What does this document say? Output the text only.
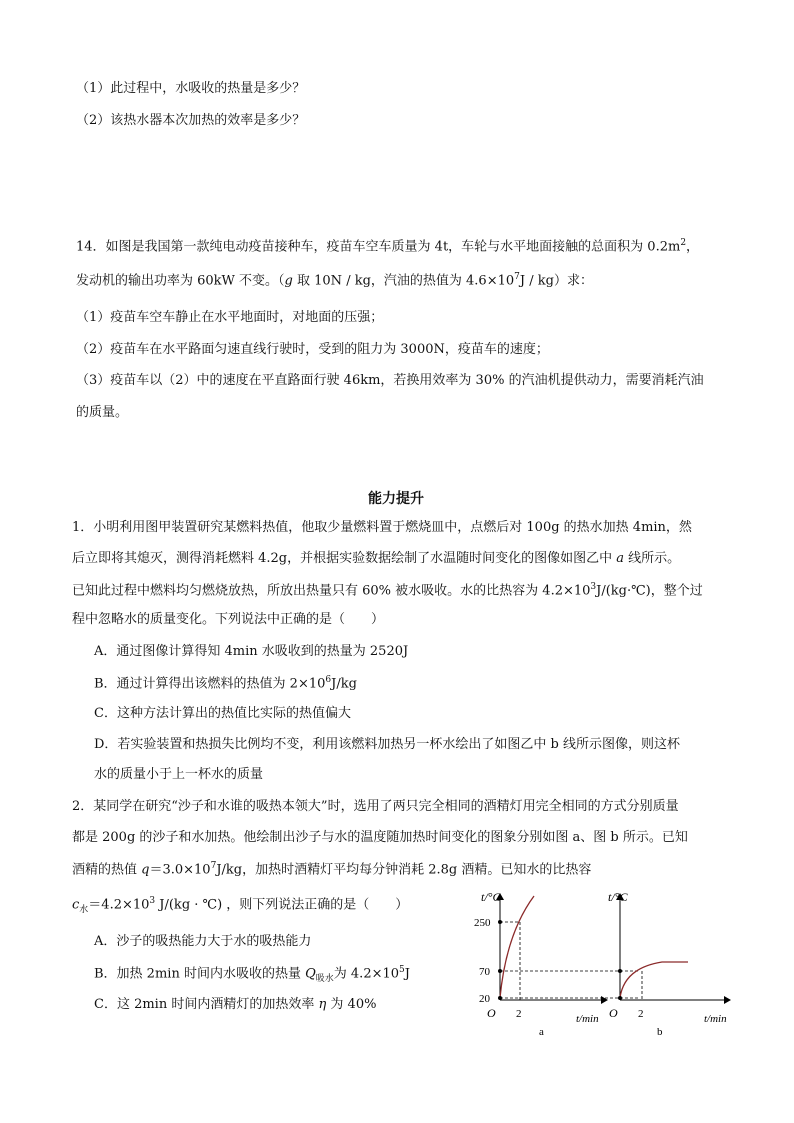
（1）此过程中，水吸收的热量是多少？
（2）该热水器本次加热的效率是多少？
14．如图是我国第一款纯电动疫苗接种车，疫苗车空车质量为 4t，车轮与水平地面接触的总面积为 $0.2m^2$，
发动机的输出功率为 60kW 不变。（g 取 10N / kg，汽油的热值为 $4.6\times 10^7J / kg$）求：
（1）疫苗车空车静止在水平地面时，对地面的压强；
（2）疫苗车在水平路面匀速直线行驶时，受到的阻力为 3000N，疫苗车的速度；
（3）疫苗车以（2）中的速度在平直路面行驶 46km，若换用效率为 30% 的汽油机提供动力，需要消耗汽油
的质量。
能力提升
1．小明利用图甲装置研究某燃料热值，他取少量燃料置于燃烧皿中，点燃后对 100g 的热水加热 4min，然
后立即将其熄灭，测得消耗燃料 4.2g，并根据实验数据绘制了水温随时间变化的图像如图乙中 a 线所示。
已知此过程中燃料均匀燃烧放热，所放出热量只有 60% 被水吸收。水的比热容为 $4.2\times 10^3J/(kg\cdot℃)$，整个过
程中忽略水的质量变化。下列说法中正确的是（　　）
A．通过图像计算得知 4min 水吸收到的热量为 2520J
B．通过计算得出该燃料的热值为 $2\times 10^6J/kg$
C．这种方法计算出的热值比实际的热值偏大
D．若实验装置和热损失比例均不变，利用该燃料加热另一杯水绘出了如图乙中 b 线所示图像，则这杯
水的质量小于上一杯水的质量
2．某同学在研究“沙子和水谁的吸热本领大”时，选用了两只完全相同的酒精灯用完全相同的方式分别质量
都是 200g 的沙子和水加热。他绘制出沙子与水的温度随加热时间变化的图象分别如图 a、图 b 所示。已知
酒精的热值 $q=3.0\times 10^7J/kg$，加热时酒精灯平均每分钟消耗 2.8g 酒精。已知水的比热容
$c_水=4.2\times 10^3$ J/(kg · ℃) ，则下列说法正确的是（　　）
A．沙子的吸热能力大于水的吸热能力
B．加热 2min 时间内水吸收的热量 $Q_{吸水}$为 $4.2\times 10^5J$
C．这 2min 时间内酒精灯的加热效率 η 为 40%
t/°C
250
70
20
O 2	t/min
a
t/°C
O 2	t/min
b
